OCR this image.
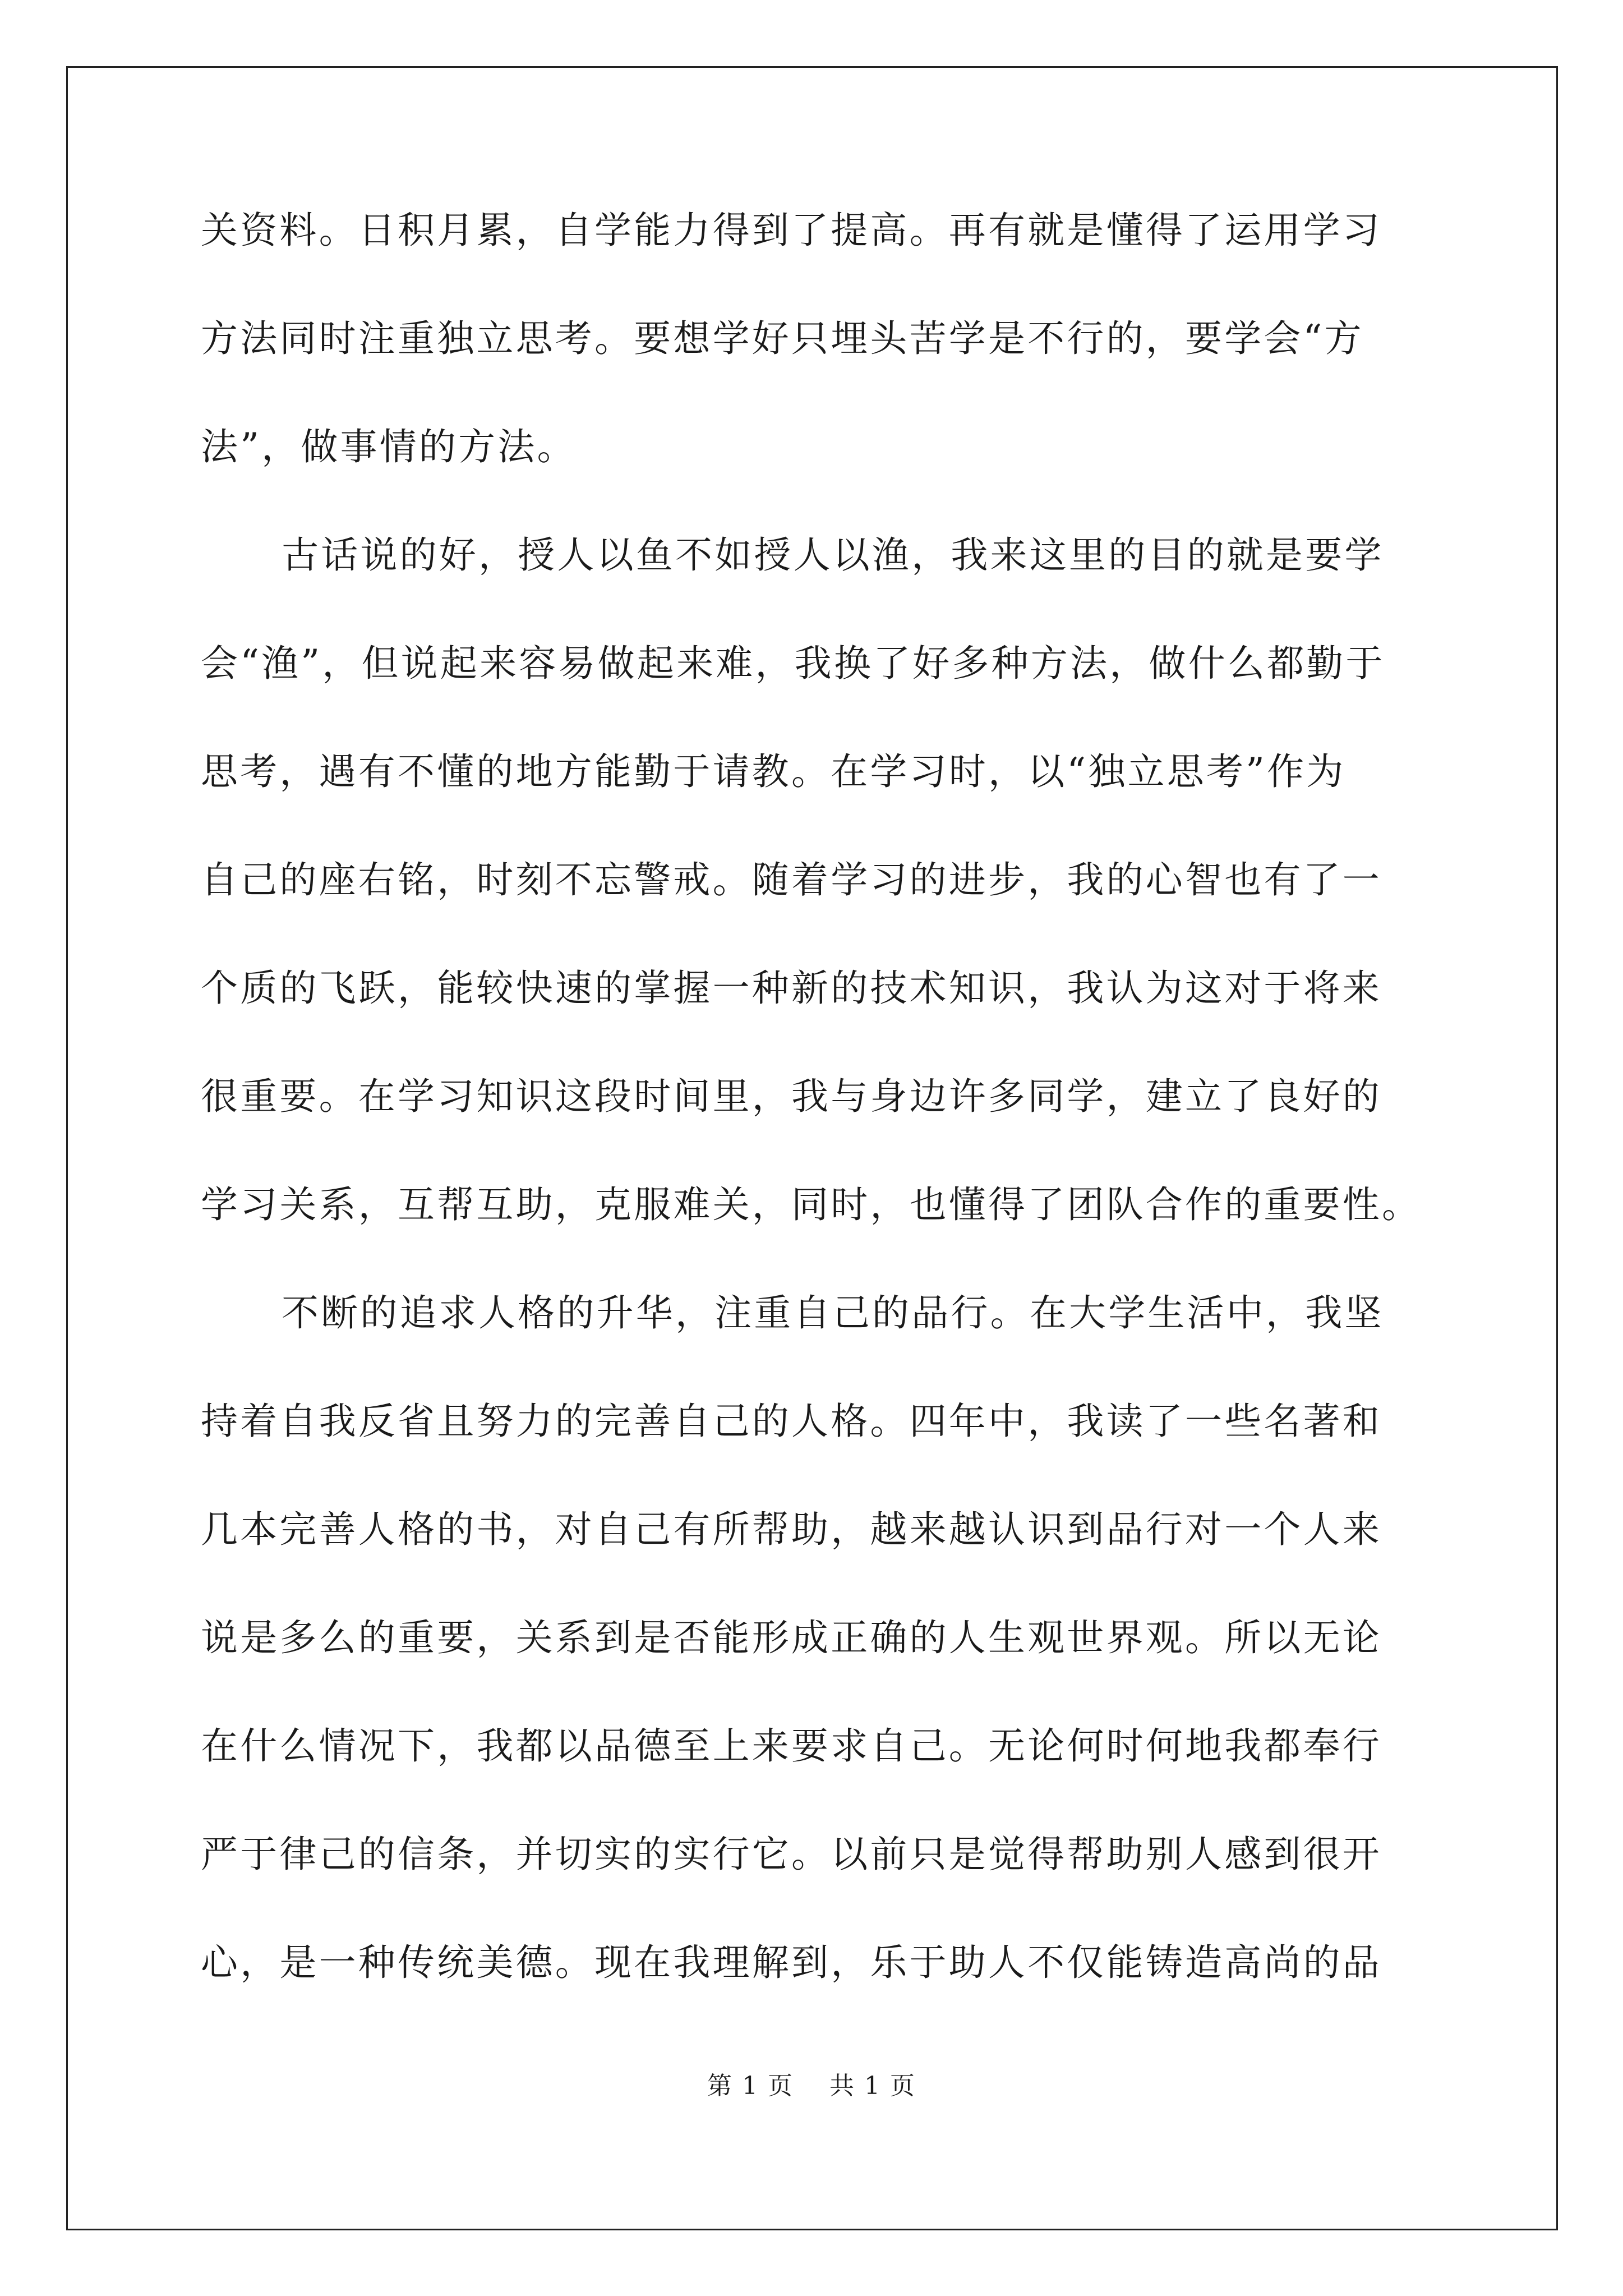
关资料。日积月累，自学能力得到了提高。再有就是懂得了运用学习
方法同时注重独立思考。要想学好只埋头苦学是不行的，要学会“方
法”，做事情的方法。
古话说的好，授人以鱼不如授人以渔，我来这里的目的就是要学
会“渔”，但说起来容易做起来难，我换了好多种方法，做什么都勤于
思考，遇有不懂的地方能勤于请教。在学习时，以“独立思考”作为
自己的座右铭，时刻不忘警戒。随着学习的进步，我的心智也有了一
个质的飞跃，能较快速的掌握一种新的技术知识，我认为这对于将来
很重要。在学习知识这段时间里，我与身边许多同学，建立了良好的
学习关系，互帮互助，克服难关，同时，也懂得了团队合作的重要性。
不断的追求人格的升华，注重自己的品行。在大学生活中，我坚
持着自我反省且努力的完善自己的人格。四年中，我读了一些名著和
几本完善人格的书，对自己有所帮助，越来越认识到品行对一个人来
说是多么的重要，关系到是否能形成正确的人生观世界观。所以无论
在什么情况下，我都以品德至上来要求自己。无论何时何地我都奉行
严于律己的信条，并切实的实行它。以前只是觉得帮助别人感到很开
心，是一种传统美德。现在我理解到，乐于助人不仅能铸造高尚的品
第 1 页    共 1 页
